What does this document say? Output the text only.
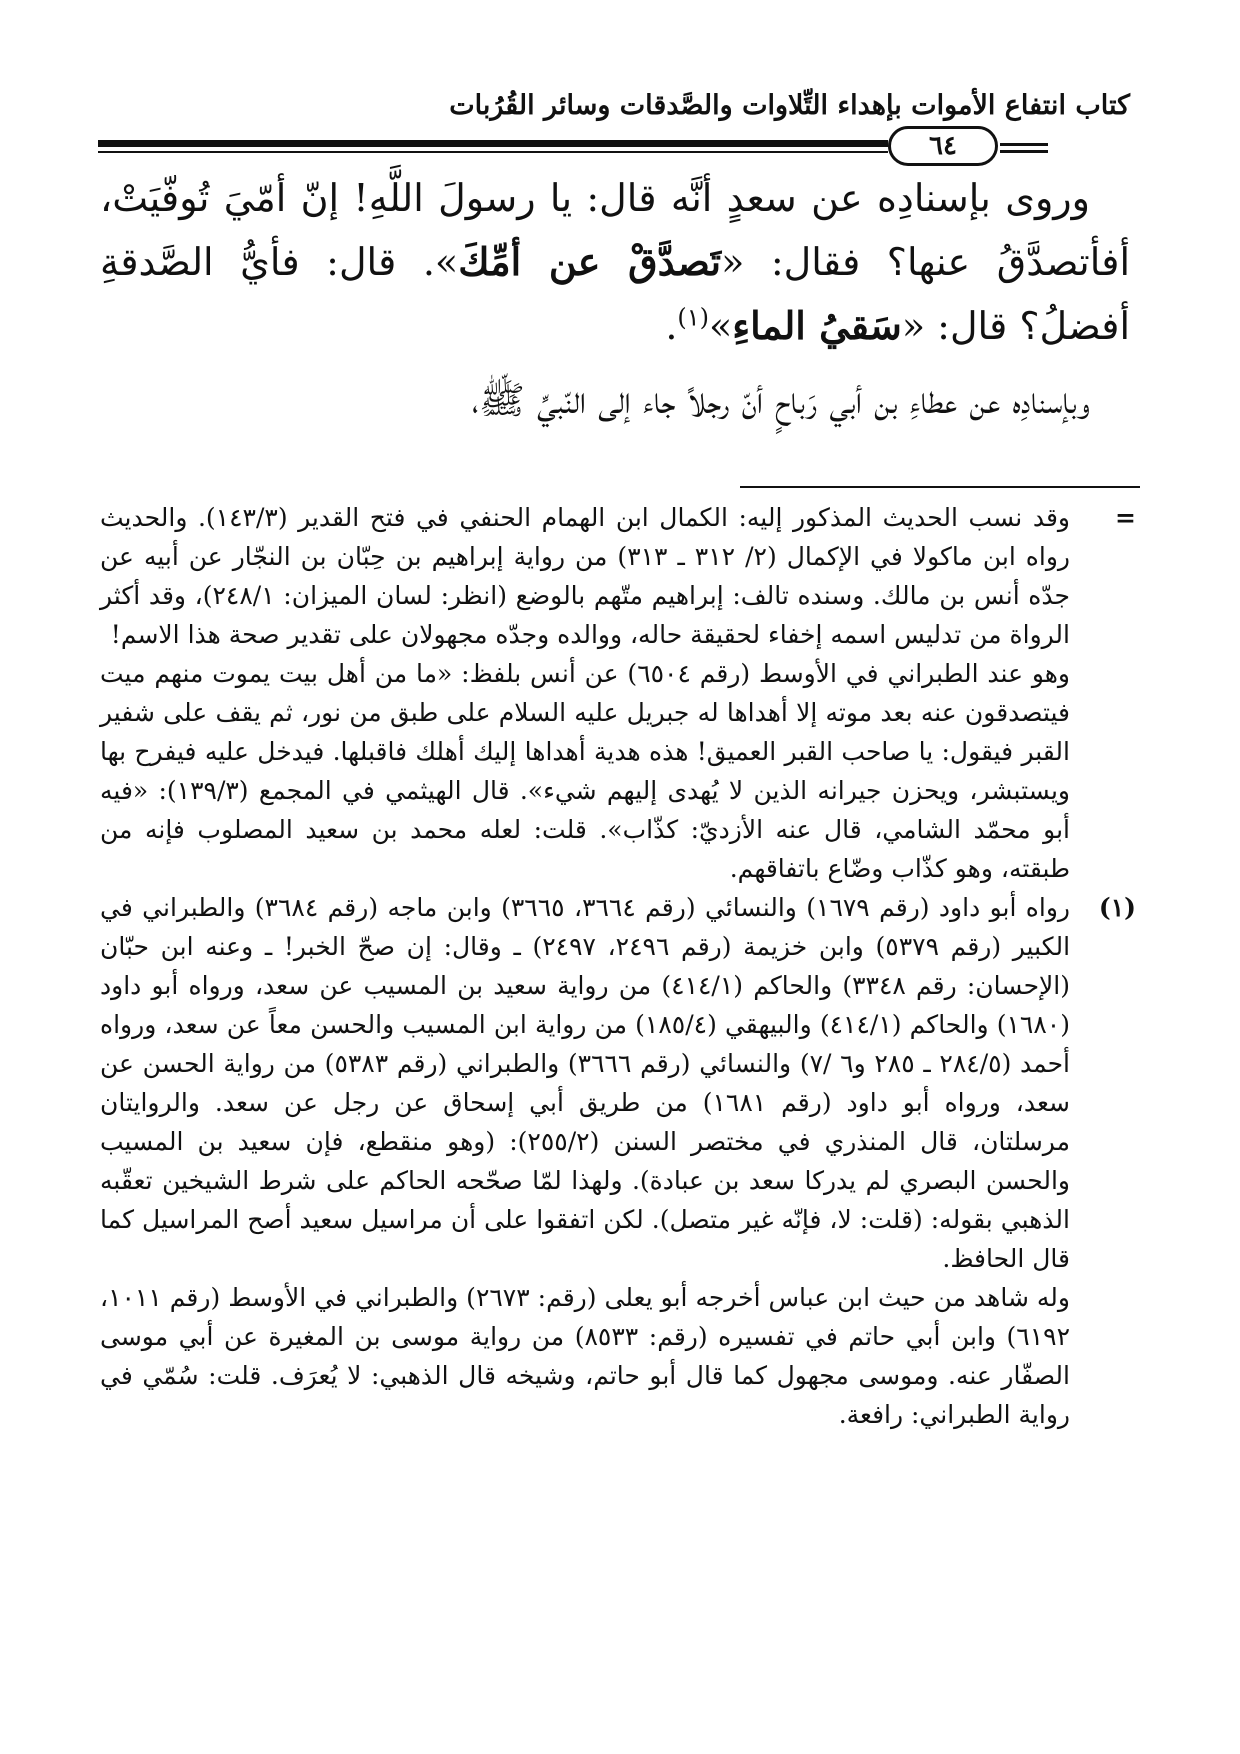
كتاب انتفاع الأموات بإهداء التِّلاوات والصَّدقات وسائر القُرُبات
٦٤

وروى بإسنادِه عن سعدٍ أنَّه قال: يا رسولَ اللَّهِ! إنّ أمّيَ تُوفّيَتْ، أفأتصدَّقُ عنها؟ فقال: «تَصدَّقْ عن أمِّكَ». قال: فأيُّ الصَّدقةِ أفضلُ؟ قال: «سَقيُ الماءِ»$^{(١)}$.

وبإسنادِه عن عطاءِ بن أبي رَباحٍ أنّ رجلاً جاء إلى النّبيِّ ﷺ،

=

وقد نسب الحديث المذكور إليه: الكمال ابن الهمام الحنفي في فتح القدير (١٤٣/٣). والحديث رواه ابن ماكولا في الإكمال (٢/ ٣١٢ ـ ٣١٣) من رواية إبراهيم بن حِبّان بن النجّار عن أبيه عن جدّه أنس بن مالك. وسنده تالف: إبراهيم متّهم بالوضع (انظر: لسان الميزان: ٢٤٨/١)، وقد أكثر الرواة من تدليس اسمه إخفاء لحقيقة حاله، ووالده وجدّه مجهولان على تقدير صحة هذا الاسم!

وهو عند الطبراني في الأوسط (رقم ٦٥٠٤) عن أنس بلفظ: «ما من أهل بيت يموت منهم ميت فيتصدقون عنه بعد موته إلا أهداها له جبريل عليه السلام على طبق من نور، ثم يقف على شفير القبر فيقول: يا صاحب القبر العميق! هذه هدية أهداها إليك أهلك فاقبلها. فيدخل عليه فيفرح بها ويستبشر، ويحزن جيرانه الذين لا يُهدى إليهم شيء». قال الهيثمي في المجمع (١٣٩/٣): «فيه أبو محمّد الشامي، قال عنه الأزديّ: كذّاب». قلت: لعله محمد بن سعيد المصلوب فإنه من طبقته، وهو كذّاب وضّاع باتفاقهم.

(١)

رواه أبو داود (رقم ١٦٧٩) والنسائي (رقم ٣٦٦٤، ٣٦٦٥) وابن ماجه (رقم ٣٦٨٤) والطبراني في الكبير (رقم ٥٣٧٩) وابن خزيمة (رقم ٢٤٩٦، ٢٤٩٧) ـ وقال: إن صحّ الخبر! ـ وعنه ابن حبّان (الإحسان: رقم ٣٣٤٨) والحاكم (٤١٤/١) من رواية سعيد بن المسيب عن سعد، ورواه أبو داود (١٦٨٠) والحاكم (٤١٤/١) والبيهقي (١٨٥/٤) من رواية ابن المسيب والحسن معاً عن سعد، ورواه أحمد (٢٨٤/٥ ـ ٢٨٥ و٦ /٧) والنسائي (رقم ٣٦٦٦) والطبراني (رقم ٥٣٨٣) من رواية الحسن عن سعد، ورواه أبو داود (رقم ١٦٨١) من طريق أبي إسحاق عن رجل عن سعد. والروايتان مرسلتان، قال المنذري في مختصر السنن (٢٥٥/٢): (وهو منقطع، فإن سعيد بن المسيب والحسن البصري لم يدركا سعد بن عبادة). ولهذا لمّا صحّحه الحاكم على شرط الشيخين تعقّبه الذهبي بقوله: (قلت: لا، فإنّه غير متصل). لكن اتفقوا على أن مراسيل سعيد أصح المراسيل كما قال الحافظ.

وله شاهد من حيث ابن عباس أخرجه أبو يعلى (رقم: ٢٦٧٣) والطبراني في الأوسط (رقم ١٠١١، ٦١٩٢) وابن أبي حاتم في تفسيره (رقم: ٨٥٣٣) من رواية موسى بن المغيرة عن أبي موسى الصفّار عنه. وموسى مجهول كما قال أبو حاتم، وشيخه قال الذهبي: لا يُعرَف. قلت: سُمّي في رواية الطبراني: رافعة.
